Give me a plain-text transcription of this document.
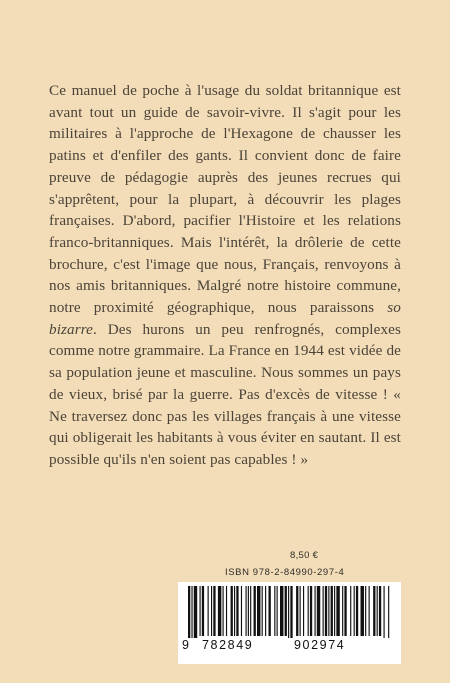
Ce manuel de poche à l'usage du soldat britannique est avant tout un guide de savoir-vivre. Il s'agit pour les militaires à l'approche de l'Hexagone de chausser les patins et d'enfiler des gants. Il convient donc de faire preuve de pédagogie auprès des jeunes recrues qui s'apprêtent, pour la plupart, à découvrir les plages françaises. D'abord, pacifier l'Histoire et les relations franco-britanniques. Mais l'intérêt, la drôlerie de cette brochure, c'est l'image que nous, Français, renvoyons à nos amis britanniques. Malgré notre histoire commune, notre proximité géographique, nous paraissons so bizarre. Des hurons un peu renfrognés, complexes comme notre grammaire. La France en 1944 est vidée de sa population jeune et masculine. Nous sommes un pays de vieux, brisé par la guerre. Pas d'excès de vitesse ! « Ne traversez donc pas les villages français à une vitesse qui obligerait les habitants à vous éviter en sautant. Il est possible qu'ils n'en soient pas capables ! »

8,50 €
ISBN 978-2-84990-297-4
9 782849	902974
